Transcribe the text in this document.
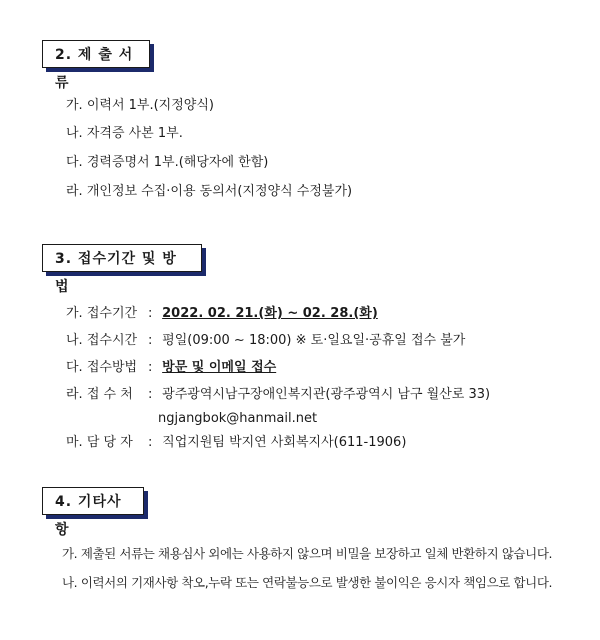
2. 제 출 서 류
가. 이력서 1부.(지정양식)
나. 자격증 사본 1부.
다. 경력증명서 1부.(해당자에 한함)
라. 개인정보 수집·이용 동의서(지정양식 수정불가)
3. 접수기간 및 방법
가. 접수기간 : 2022. 02. 21.(화) ~ 02. 28.(화)
나. 접수시간 : 평일(09:00 ~ 18:00) ※ 토·일요일·공휴일 접수 불가
다. 접수방법 : 방문 및 이메일 접수
라. 접 수 처 : 광주광역시남구장애인복지관(광주광역시 남구 월산로 33)
ngjangbok@hanmail.net
마. 담 당 자 : 직업지원팀 박지연 사회복지사(611-1906)
4. 기타사항
가. 제출된 서류는 채용심사 외에는 사용하지 않으며 비밀을 보장하고 일체 반환하지 않습니다.
나. 이력서의 기재사항 착오,누락 또는 연락불능으로 발생한 불이익은 응시자 책임으로 합니다.
